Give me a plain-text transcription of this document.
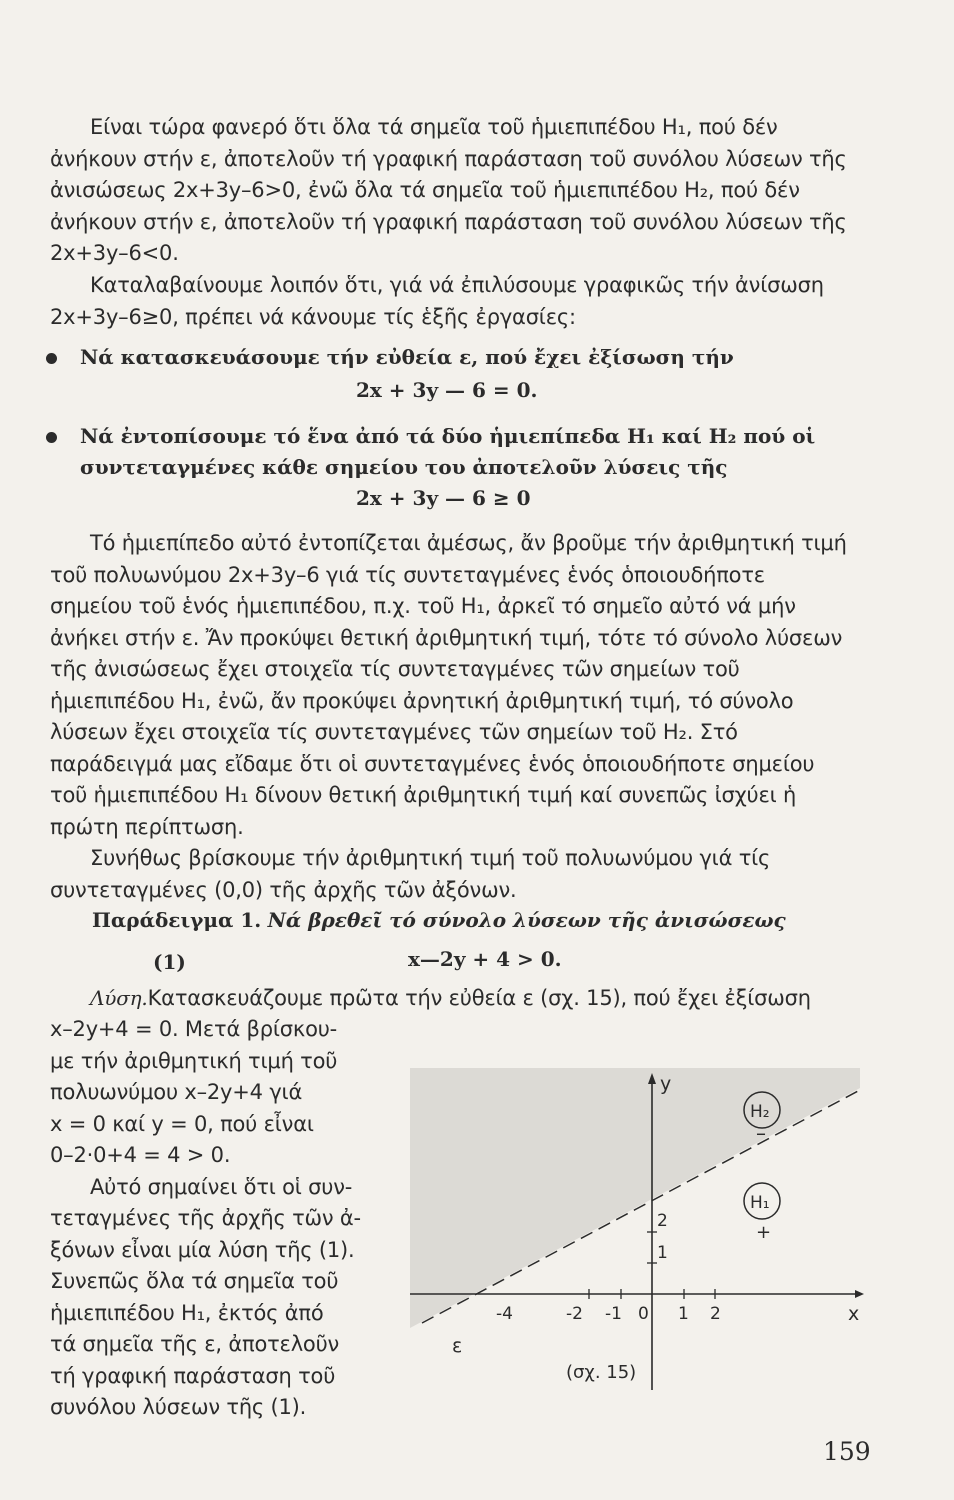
Είναι τώρα φανερό ὅτι ὅλα τά σημεῖα τοῦ ἡμιεπιπέδου H₁, πού δέν ἀνήκουν στήν ε, ἀποτελοῦν τή γραφική παράσταση τοῦ συνόλου λύσεων τῆς ἀνισώσεως 2x+3y–6>0, ἐνῶ ὅλα τά σημεῖα τοῦ ἡμιεπιπέδου H₂, πού δέν ἀνήκουν στήν ε, ἀποτελοῦν τή γραφική παράσταση τοῦ συνόλου λύσεων τῆς 2x+3y–6<0.
Καταλαβαίνουμε λοιπόν ὅτι, γιά νά ἐπιλύσουμε γραφικῶς τήν ἀνίσωση 2x+3y–6≥0, πρέπει νά κάνουμε τίς ἑξῆς ἐργασίες:
Νά κατασκευάσουμε τήν εὐθεία ε, πού ἔχει ἐξίσωση τήν
2x + 3y — 6 = 0.
Νά ἐντοπίσουμε τό ἕνα ἀπό τά δύο ἡμιεπίπεδα H₁ καί H₂ πού οἱ συντεταγμένες κάθε σημείου του ἀποτελοῦν λύσεις τῆς
2x + 3y — 6 ≥ 0
Τό ἡμιεπίπεδο αὐτό ἐντοπίζεται ἀμέσως, ἄν βροῦμε τήν ἀριθμητική τιμή τοῦ πολυωνύμου 2x+3y–6 γιά τίς συντεταγμένες ἑνός ὁποιουδήποτε σημείου τοῦ ἑνός ἡμιεπιπέδου, π.χ. τοῦ H₁, ἀρκεῖ τό σημεῖο αὐτό νά μήν ἀνήκει στήν ε. Ἄν προκύψει θετική ἀριθμητική τιμή, τότε τό σύνολο λύσεων τῆς ἀνισώσεως ἔχει στοιχεῖα τίς συντεταγμένες τῶν σημείων τοῦ ἡμιεπιπέδου H₁, ἐνῶ, ἄν προκύψει ἀρνητική ἀριθμητική τιμή, τό σύνολο λύσεων ἔχει στοιχεῖα τίς συντεταγμένες τῶν σημείων τοῦ H₂. Στό παράδειγμά μας εἴδαμε ὅτι οἱ συντεταγμένες ἑνός ὁποιουδήποτε σημείου τοῦ ἡμιεπιπέδου H₁ δίνουν θετική ἀριθμητική τιμή καί συνεπῶς ἰσχύει ἡ πρώτη περίπτωση.
Συνήθως βρίσκουμε τήν ἀριθμητική τιμή τοῦ πολυωνύμου γιά τίς συντεταγμένες (0,0) τῆς ἀρχῆς τῶν ἀξόνων.
Παράδειγμα 1. Νά βρεθεῖ τό σύνολο λύσεων τῆς ἀνισώσεως
(1)	x—2y + 4 > 0.
Λύση.Κατασκευάζουμε πρῶτα τήν εὐθεία ε (σχ. 15), πού ἔχει ἐξίσωση
x–2y+4 = 0. Μετά βρίσκου-
με τήν ἀριθμητική τιμή τοῦ
πολυωνύμου x–2y+4 γιά
x = 0 καί y = 0, πού εἶναι
0–2·0+4 = 4 > 0.
Αὐτό σημαίνει ὅτι οἱ συν-
τεταγμένες τῆς ἀρχῆς τῶν ἀ-
ξόνων εἶναι μία λύση τῆς (1).
Συνεπῶς ὅλα τά σημεῖα τοῦ
ἡμιεπιπέδου H₁, ἐκτός ἀπό
τά σημεῖα τῆς ε, ἀποτελοῦν
τή γραφική παράσταση τοῦ
συνόλου λύσεων τῆς (1).
y
x
ε
-4	-2 -1 0 1 2
2
1
H₂
–
H₁
+
(σχ. 15)
159
